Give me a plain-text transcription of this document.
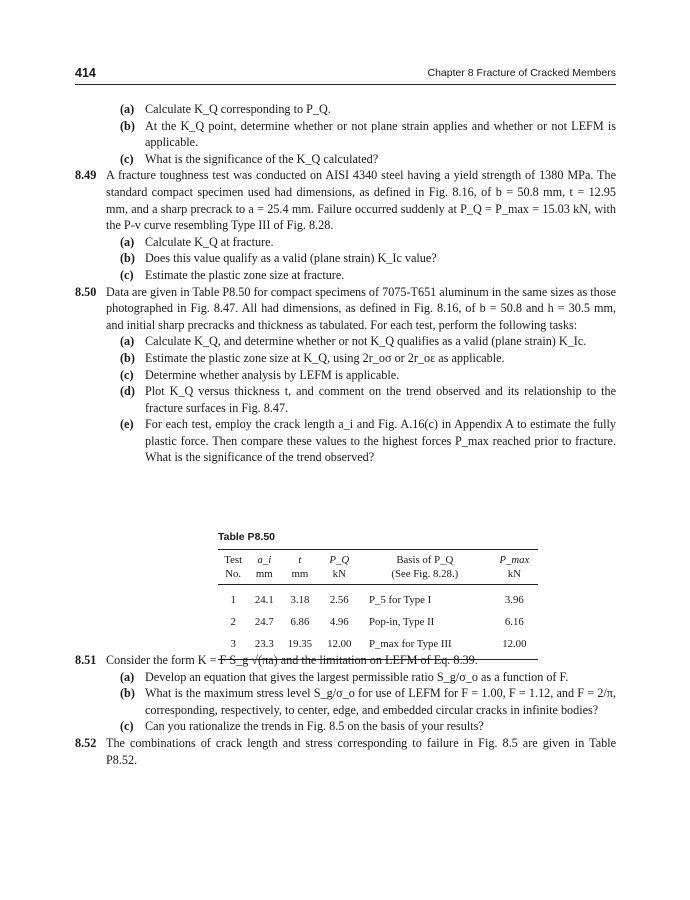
414	Chapter 8 Fracture of Cracked Members
(a) Calculate K_Q corresponding to P_Q.
(b) At the K_Q point, determine whether or not plane strain applies and whether or not LEFM is applicable.
(c) What is the significance of the K_Q calculated?
8.49 A fracture toughness test was conducted on AISI 4340 steel having a yield strength of 1380 MPa. The standard compact specimen used had dimensions, as defined in Fig. 8.16, of b = 50.8 mm, t = 12.95 mm, and a sharp precrack to a = 25.4 mm. Failure occurred suddenly at P_Q = P_max = 15.03 kN, with the P-v curve resembling Type III of Fig. 8.28.
(a) Calculate K_Q at fracture.
(b) Does this value qualify as a valid (plane strain) K_Ic value?
(c) Estimate the plastic zone size at fracture.
8.50 Data are given in Table P8.50 for compact specimens of 7075-T651 aluminum in the same sizes as those photographed in Fig. 8.47. All had dimensions, as defined in Fig. 8.16, of b = 50.8 and h = 30.5 mm, and initial sharp precracks and thickness as tabulated. For each test, perform the following tasks:
(a) Calculate K_Q, and determine whether or not K_Q qualifies as a valid (plane strain) K_Ic.
(b) Estimate the plastic zone size at K_Q, using 2r_oσ or 2r_oε as applicable.
(c) Determine whether analysis by LEFM is applicable.
(d) Plot K_Q versus thickness t, and comment on the trend observed and its relationship to the fracture surfaces in Fig. 8.47.
(e) For each test, employ the crack length a_i and Fig. A.16(c) in Appendix A to estimate the fully plastic force. Then compare these values to the highest forces P_max reached prior to fracture. What is the significance of the trend observed?
Table P8.50
Test	a_i	t	P_Q	Basis of P_Q	P_max
No.	mm	mm	kN	(See Fig. 8.28.)	kN
1	24.1	3.18	2.56	P_5 for Type I	3.96
2	24.7	6.86	4.96	Pop-in, Type II	6.16
3	23.3	19.35	12.00	P_max for Type III	12.00
8.51 Consider the form K = F S_g √(πa) and the limitation on LEFM of Eq. 8.39.
(a) Develop an equation that gives the largest permissible ratio S_g/σ_o as a function of F.
(b) What is the maximum stress level S_g/σ_o for use of LEFM for F = 1.00, F = 1.12, and F = 2/π, corresponding, respectively, to center, edge, and embedded circular cracks in infinite bodies?
(c) Can you rationalize the trends in Fig. 8.5 on the basis of your results?
8.52 The combinations of crack length and stress corresponding to failure in Fig. 8.5 are given in Table P8.52.
